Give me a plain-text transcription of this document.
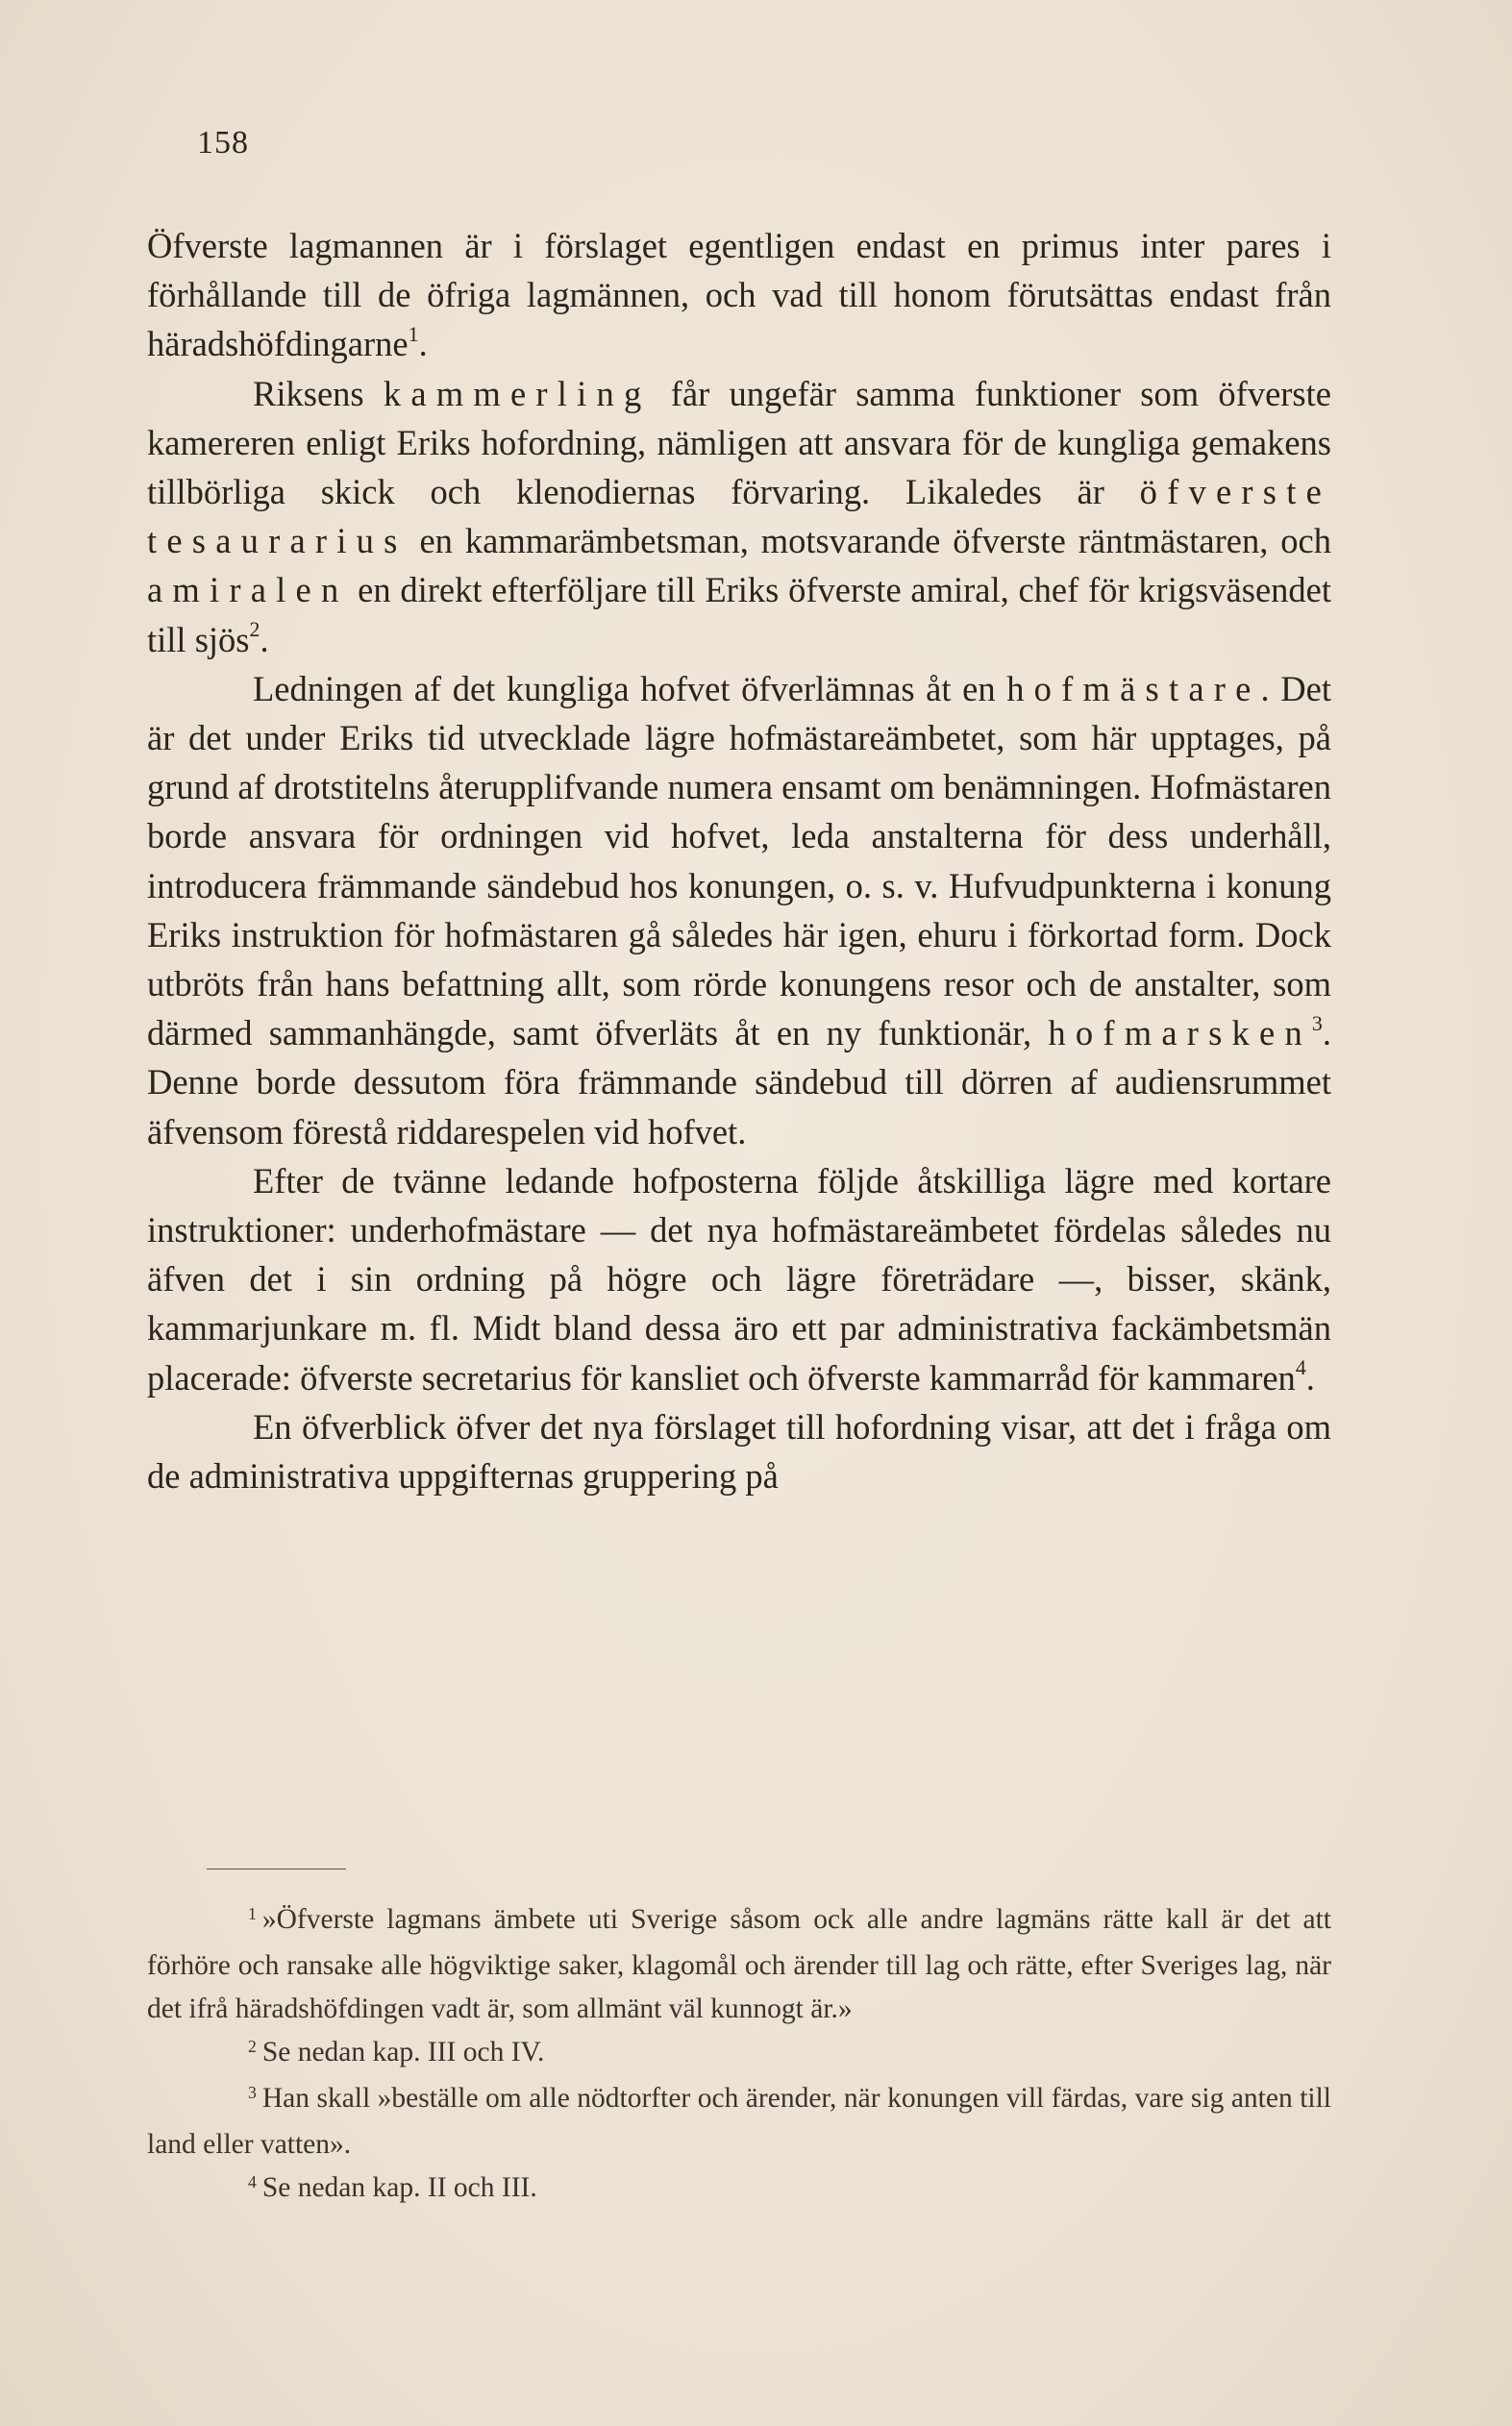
158

Öfverste lagmannen är i förslaget egentligen endast en primus inter pares i förhållande till de öfriga lagmännen, och vad till honom förutsättas endast från häradshöfdingarne$^1$.

Riksens kammerling får ungefär samma funktioner som öfverste kamereren enligt Eriks hofordning, nämligen att ansvara för de kungliga gemakens tillbörliga skick och klenodiernas förvaring. Likaledes är öfverste tesaurarius en kammarämbetsman, motsvarande öfverste räntmästaren, och amiralen en direkt efterföljare till Eriks öfverste amiral, chef för krigsväsendet till sjös$^2$.

Ledningen af det kungliga hofvet öfverlämnas åt en hofmästare. Det är det under Eriks tid utvecklade lägre hofmästareämbetet, som här upptages, på grund af drotstitelns återupplifvande numera ensamt om benämningen. Hofmästaren borde ansvara för ordningen vid hofvet, leda anstalterna för dess underhåll, introducera främmande sändebud hos konungen, o. s. v. Hufvudpunkterna i konung Eriks instruktion för hofmästaren gå således här igen, ehuru i förkortad form. Dock utbröts från hans befattning allt, som rörde konungens resor och de anstalter, som därmed sammanhängde, samt öfverläts åt en ny funktionär, hofmarsken$^3$. Denne borde dessutom föra främmande sändebud till dörren af audiensrummet äfvensom förestå riddarespelen vid hofvet.

Efter de tvänne ledande hofposterna följde åtskilliga lägre med kortare instruktioner: underhofmästare — det nya hofmästareämbetet fördelas således nu äfven det i sin ordning på högre och lägre företrädare —, bisser, skänk, kammarjunkare m. fl. Midt bland dessa äro ett par administrativa fackämbetsmän placerade: öfverste secretarius för kansliet och öfverste kammarråd för kammaren$^4$.

En öfverblick öfver det nya förslaget till hofordning visar, att det i fråga om de administrativa uppgifternas gruppering på

$^1$ »Öfverste lagmans ämbete uti Sverige såsom ock alle andre lagmäns rätte kall är det att förhöre och ransake alle högviktige saker, klagomål och ärender till lag och rätte, efter Sveriges lag, när det ifrå häradshöfdingen vadt är, som allmänt väl kunnogt är.»

$^2$ Se nedan kap. III och IV.

$^3$ Han skall »beställe om alle nödtorfter och ärender, när konungen vill färdas, vare sig anten till land eller vatten».

$^4$ Se nedan kap. II och III.
